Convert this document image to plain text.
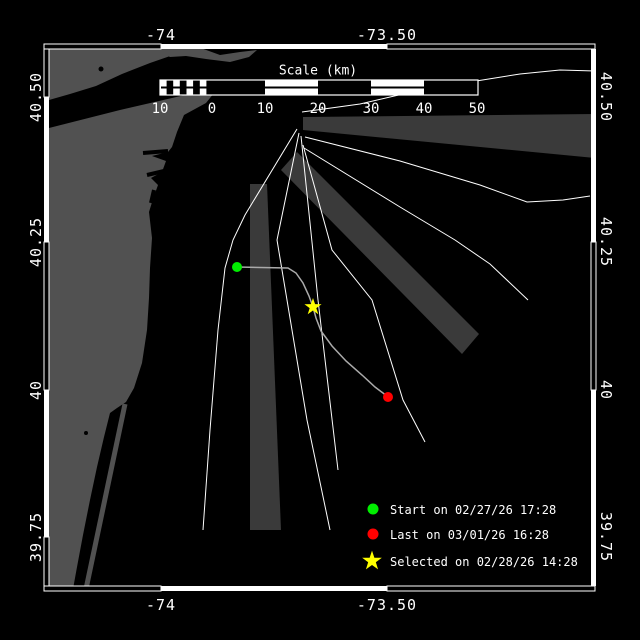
-74	-73.50
-74	-73.50
40.50
40.25
40
39.75
40.50
40.25
40
39.75
Scale (km)
10	0	10	20	30	40	50
Start on 02/27/26 17:28
Last on 03/01/26 16:28
Selected on 02/28/26 14:28
